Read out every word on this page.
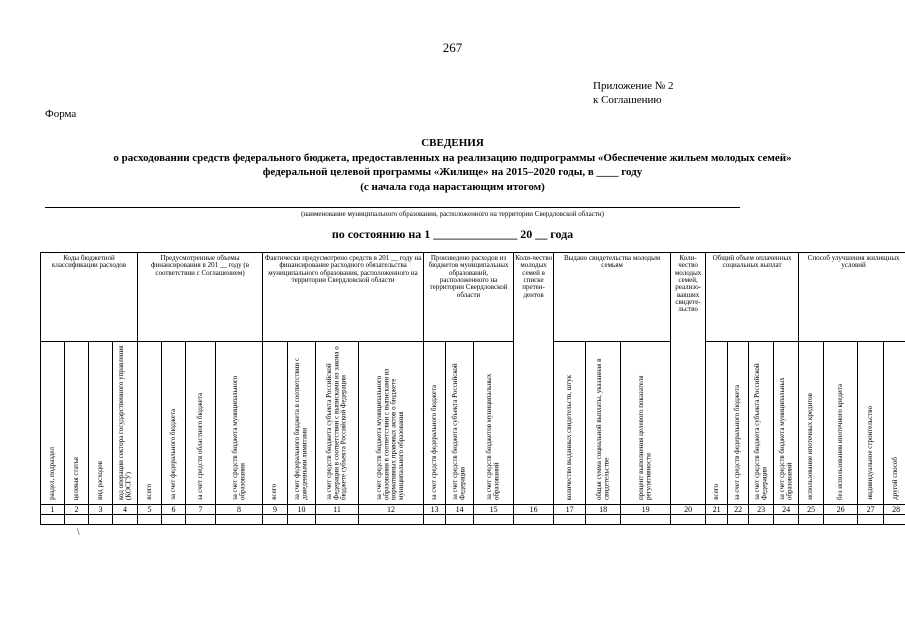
267
Приложение № 2
к Соглашению
Форма
СВЕДЕНИЯ
о расходовании средств федерального бюджета, предоставленных на реализацию подпрограммы «Обеспечение жильем молодых семей»
федеральной целевой программы «Жилище» на 2015–2020 годы, в ____ году
(с начала года нарастающим итогом)
(наименование муниципального образования, расположенного на территории Свердловской области)
по состоянию на 1 ______________ 20 __ года
Коды бюджетной классификации расходов				Предусмотренные объемы финансирования в 201 __ году (в соответствии с Соглашением)				Фактически предусмотрено средств в 201 __ году на финансирование расходного обязательства муниципального образования, расположенного на территории Свердловской области				Произведено расходов из бюджетов муниципальных образований, расположенного на территории Свердловской области			Коли-чество молодых семей в списке претен-дентов	Выдано свидетельства молодым семьям			Коли-чество молодых семей, реализо-вавших свидете-льство	Общий объем оплаченных социальных выплат				Способ улучшения жилищных условий			
раздел, подраздел	целевая статья	вид расходов	код операции сектора государственного управления (КОСГУ)	всего	за счет федерального бюджета	за счет средств областного бюджета	за счет средств бюджета муниципального образования	всего	за счет федерального бюджета в соответствии с доведенными лимитами	за счет средств бюджета субъекта Российской Федерации в соответствии с выписками из закона о бюджете субъекта Российской Федерации	за счет средств бюджета муниципального образования в соответствии с выписками из нормативных правовых актов о бюджете муниципального образования	за счет средств федерального бюджета	за счет средств бюджета субъекта Российской Федерации	за счет средств бюджетов муниципальных образований		количество выданных свидетельств, штук	общая сумма социальной выплаты, указанная в свидетельстве	процент выполнения целевого показателя регулятивности		всего	за счет средств федерального бюджета	за счет средств бюджета субъекта Российской Федерации	за счет средств бюджета муниципальных образований	использование ипотечных кредитов	без использования ипотечного кредита	индивидуальное строительство	другой способ
1	2	3	4	5	6	7	8	9	10	11	12	13	14	15	16	17	18	19	20	21	22	23	24	25	26	27	28

\
